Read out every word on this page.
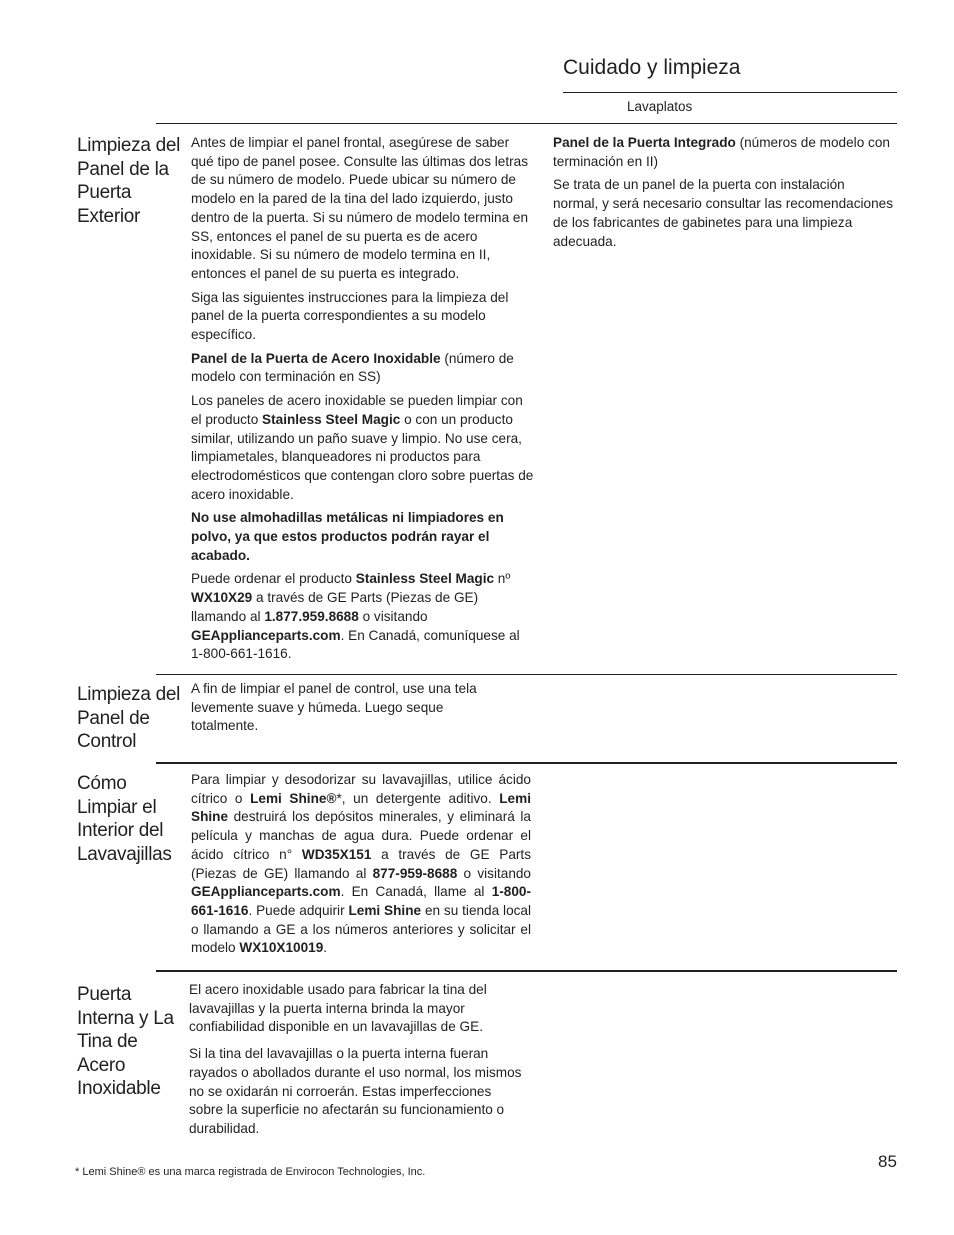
Cuidado y limpieza
Lavaplatos
Limpieza del Panel de la Puerta Exterior

Antes de limpiar el panel frontal, asegúrese de saber qué tipo de panel posee. Consulte las últimas dos letras de su número de modelo. Puede ubicar su número de modelo en la pared de la tina del lado izquierdo, justo dentro de la puerta. Si su número de modelo termina en SS, entonces el panel de su puerta es de acero inoxidable. Si su número de modelo termina en II, entonces el panel de su puerta es integrado.

Siga las siguientes instrucciones para la limpieza del panel de la puerta correspondientes a su modelo específico.

Panel de la Puerta de Acero Inoxidable (número de modelo con terminación en SS)

Los paneles de acero inoxidable se pueden limpiar con el producto Stainless Steel Magic o con un producto similar, utilizando un paño suave y limpio. No use cera, limpiametales, blanqueadores ni productos para electrodomésticos que contengan cloro sobre puertas de acero inoxidable.

No use almohadillas metálicas ni limpiadores en polvo, ya que estos productos podrán rayar el acabado.

Puede ordenar el producto Stainless Steel Magic nº WX10X29 a través de GE Parts (Piezas de GE) llamando al 1.877.959.8688 o visitando GEApplianceparts.com. En Canadá, comuníquese al 1-800-661-1616.

Panel de la Puerta Integrado (números de modelo con terminación en II)

Se trata de un panel de la puerta con instalación normal, y será necesario consultar las recomendaciones de los fabricantes de gabinetes para una limpieza adecuada.

Limpieza del Panel de Control

A fin de limpiar el panel de control, use una tela levemente suave y húmeda. Luego seque totalmente.

Cómo Limpiar el Interior del Lavavajillas

Para limpiar y desodorizar su lavavajillas, utilice ácido cítrico o Lemi Shine®*, un detergente aditivo. Lemi Shine destruirá los depósitos minerales, y eliminará la película y manchas de agua dura. Puede ordenar el ácido cítrico n° WD35X151 a través de GE Parts (Piezas de GE) llamando al 877-959-8688 o visitando GEApplianceparts.com. En Canadá, llame al 1-800-661-1616. Puede adquirir Lemi Shine en su tienda local o llamando a GE a los números anteriores y solicitar el modelo WX10X10019.

Puerta Interna y La Tina de Acero Inoxidable

El acero inoxidable usado para fabricar la tina del lavavajillas y la puerta interna brinda la mayor confiabilidad disponible en un lavavajillas de GE.

Si la tina del lavavajillas o la puerta interna fueran rayados o abollados durante el uso normal, los mismos no se oxidarán ni corroerán. Estas imperfecciones sobre la superficie no afectarán su funcionamiento o durabilidad.

85
* Lemi Shine® es una marca registrada de Envirocon Technologies, Inc.
